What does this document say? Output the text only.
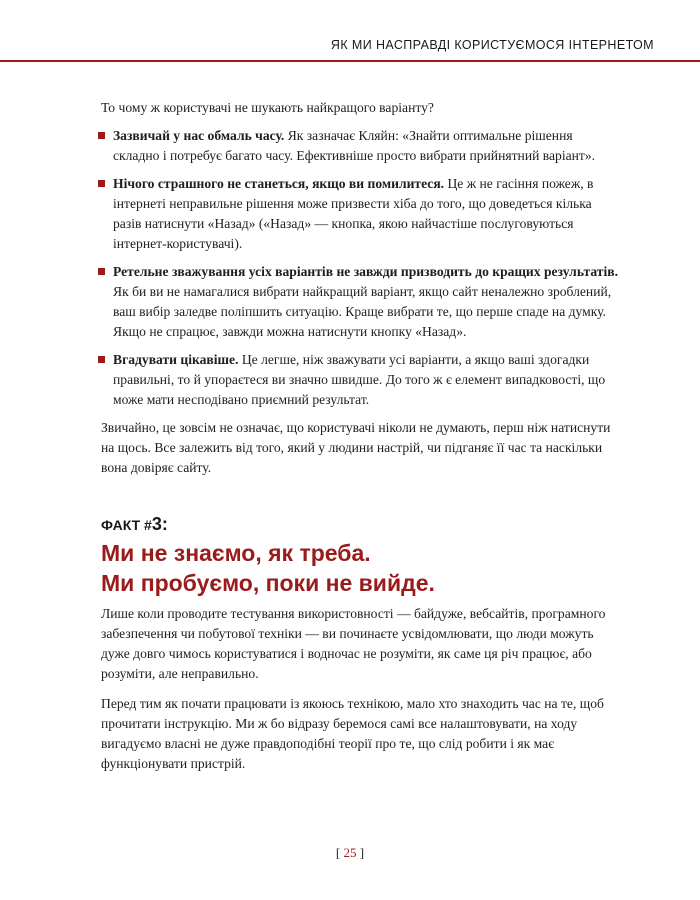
ЯК МИ НАСПРАВДІ КОРИСТУЄМОСЯ ІНТЕРНЕТОМ

То чому ж користувачі не шукають найкращого варіанту?

Зазвичай у нас обмаль часу. Як зазначає Кляйн: «Знайти оптимальне рішення складно і потребує багато часу. Ефективніше просто вибрати прийнятний варіант».
Нічого страшного не станеться, якщо ви помилитеся. Це ж не гасіння пожеж, в інтернеті неправильне рішення може призвести хіба до того, що доведеться кілька разів натиснути «Назад» («Назад» — кнопка, якою найчастіше послуговуються інтернет-користувачі).
Ретельне зважування усіх варіантів не завжди призводить до кращих результатів. Як би ви не намагалися вибрати найкращий варіант, якщо сайт неналежно зроблений, ваш вибір заледве поліпшить ситуацію. Краще вибрати те, що перше спаде на думку. Якщо не спрацює, завжди можна натиснути кнопку «Назад».
Вгадувати цікавіше. Це легше, ніж зважувати усі варіанти, а якщо ваші здогадки правильні, то й упораєтеся ви значно швидше. До того ж є елемент випадковості, що може мати несподівано приємний результат.

Звичайно, це зовсім не означає, що користувачі ніколи не думають, перш ніж натиснути на щось. Все залежить від того, який у людини настрій, чи підганяє її час та наскільки вона довіряє сайту.

ФАКТ #3:

Ми не знаємо, як треба.
Ми пробуємо, поки не вийде.

Лише коли проводите тестування використовності — байдуже, вебсайтів, програмного забезпечення чи побутової техніки — ви починаєте усвідомлювати, що люди можуть дуже довго чимось користуватися і водночас не розуміти, як саме ця річ працює, або розуміти, але неправильно.

Перед тим як почати працювати із якоюсь технікою, мало хто знаходить час на те, щоб прочитати інструкцію. Ми ж бо відразу беремося самі все налаштовувати, на ходу вигадуємо власні не дуже правдоподібні теорії про те, що слід робити і як має функціонувати пристрій.

[ 25 ]
